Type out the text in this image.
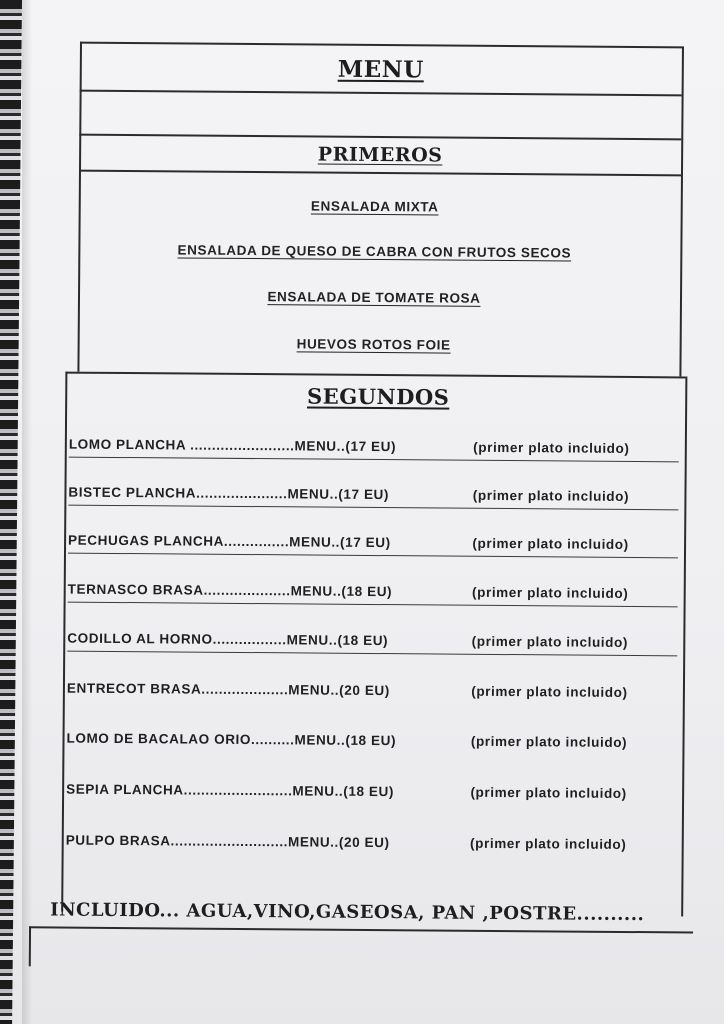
MENU
PRIMEROS
ENSALADA MIXTA
ENSALADA DE QUESO DE CABRA CON FRUTOS SECOS
ENSALADA DE TOMATE ROSA
HUEVOS ROTOS FOIE
SEGUNDOS
LOMO PLANCHA ........................MENU..(17 EU)	(primer plato incluido)
BISTEC PLANCHA.....................MENU..(17 EU)	(primer plato incluido)
PECHUGAS PLANCHA...............MENU..(17 EU)	(primer plato incluido)
TERNASCO BRASA....................MENU..(18 EU)	(primer plato incluido)
CODILLO AL HORNO.................MENU..(18 EU)	(primer plato incluido)
ENTRECOT BRASA....................MENU..(20 EU)	(primer plato incluido)
LOMO DE BACALAO ORIO..........MENU..(18 EU)	(primer plato incluido)
SEPIA PLANCHA.........................MENU..(18 EU)	(primer plato incluido)
PULPO BRASA...........................MENU..(20 EU)	(primer plato incluido)
INCLUIDO... AGUA,VINO,GASEOSA, PAN ,POSTRE..........
